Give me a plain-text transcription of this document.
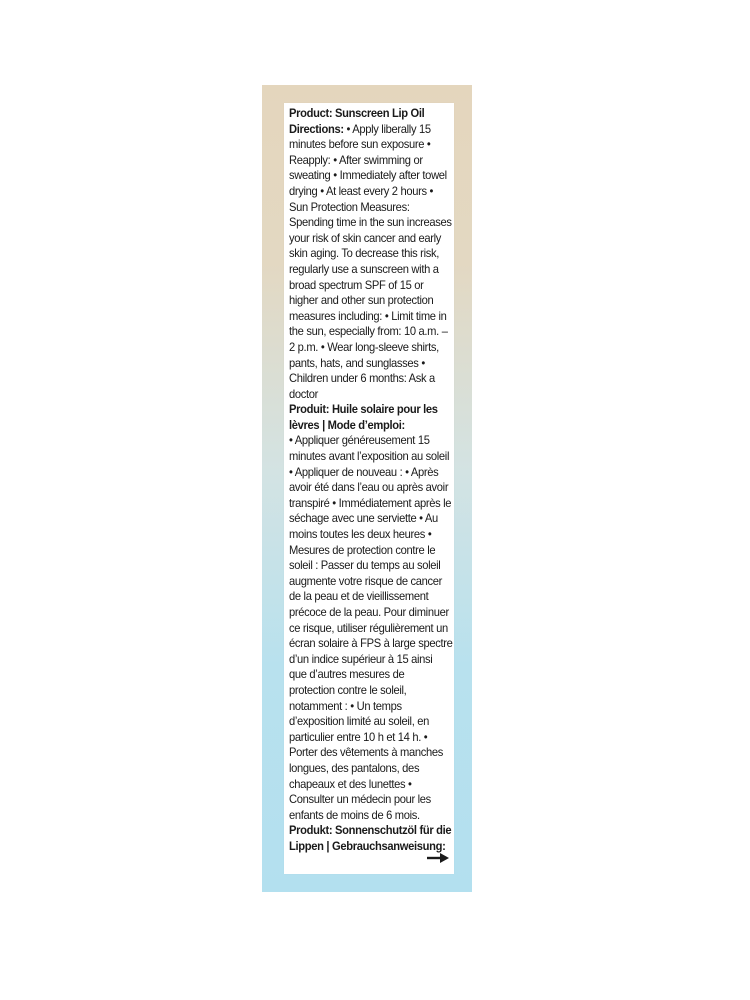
Product: Sunscreen Lip Oil
Directions: • Apply liberally 15 minutes before sun exposure • Reapply: • After swimming or sweating • Immediately after towel drying • At least every 2 hours • Sun Protection Measures: Spending time in the sun increases your risk of skin cancer and early skin aging. To decrease this risk, regularly use a sunscreen with a broad spectrum SPF of 15 or higher and other sun protection measures including: • Limit time in the sun, especially from: 10 a.m. – 2 p.m. • Wear long-sleeve shirts, pants, hats, and sunglasses • Children under 6 months: Ask a doctor
Produit: Huile solaire pour les lèvres | Mode d’emploi:
• Appliquer généreusement 15 minutes avant l’exposition au soleil • Appliquer de nouveau : • Après avoir été dans l’eau ou après avoir transpiré • Immédiatement après le séchage avec une serviette • Au moins toutes les deux heures • Mesures de protection contre le soleil : Passer du temps au soleil augmente votre risque de cancer de la peau et de vieillissement précoce de la peau. Pour diminuer ce risque, utiliser régulièrement un écran solaire à FPS à large spectre d’un indice supérieur à 15 ainsi que d’autres mesures de protection contre le soleil, notamment : • Un temps d’exposition limité au soleil, en particulier entre 10 h et 14 h. • Porter des vêtements à manches longues, des pantalons, des chapeaux et des lunettes • Consulter un médecin pour les enfants de moins de 6 mois.
Produkt: Sonnenschutzöl für die Lippen | Gebrauchsanweisung:
